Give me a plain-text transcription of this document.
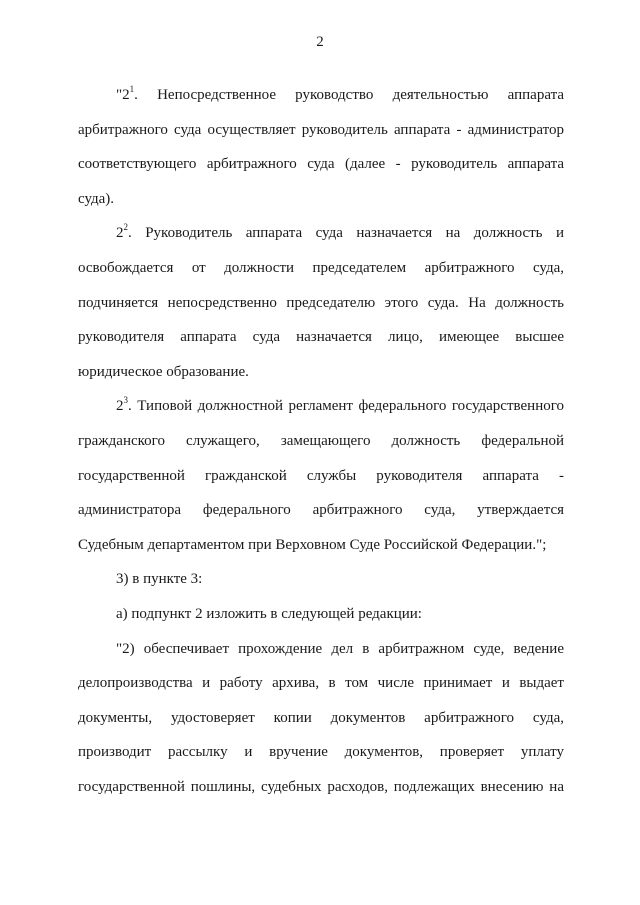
2
"$2^1$. Непосредственное руководство деятельностью аппарата
арбитражного суда осуществляет руководитель аппарата - администратор
соответствующего арбитражного суда (далее - руководитель аппарата
суда).
$2^2$. Руководитель аппарата суда назначается на должность и
освобождается от должности председателем арбитражного суда,
подчиняется непосредственно председателю этого суда. На должность
руководителя аппарата суда назначается лицо, имеющее высшее
юридическое образование.
$2^3$. Типовой должностной регламент федерального государственного
гражданского служащего, замещающего должность федеральной
государственной гражданской службы руководителя аппарата -
администратора федерального арбитражного суда, утверждается
Судебным департаментом при Верховном Суде Российской Федерации.";
3) в пункте 3:
а) подпункт 2 изложить в следующей редакции:
"2) обеспечивает прохождение дел в арбитражном суде, ведение
делопроизводства и работу архива, в том числе принимает и выдает
документы, удостоверяет копии документов арбитражного суда,
производит рассылку и вручение документов, проверяет уплату
государственной пошлины, судебных расходов, подлежащих внесению на
